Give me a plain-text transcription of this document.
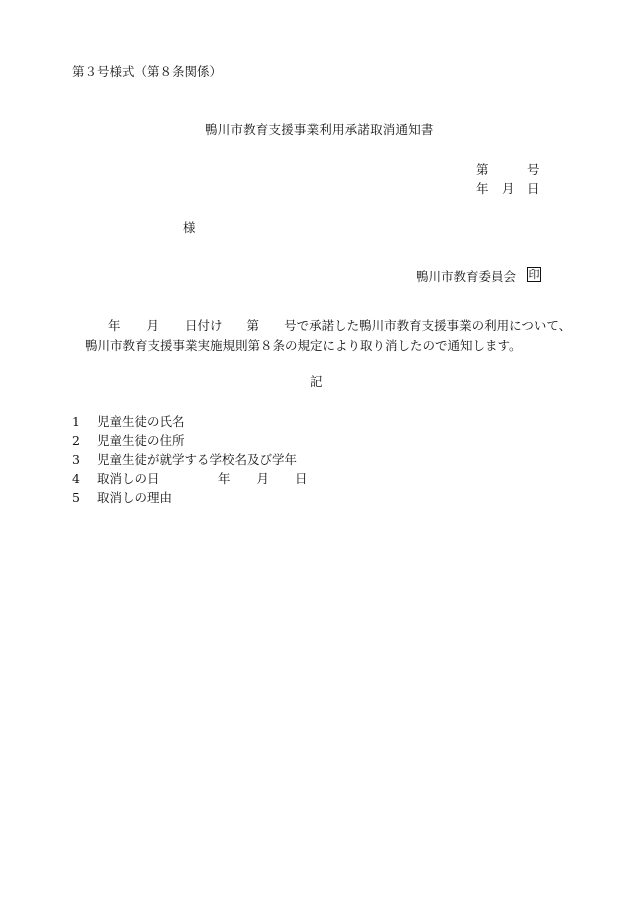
第３号様式（第８条関係）
鴨川市教育支援事業利用承諾取消通知書
第	号
年 月 日
様
鴨川市教育委員会 印
年 月 日付け 第 号で承諾した鴨川市教育支援事業の利用について、
鴨川市教育支援事業実施規則第８条の規定により取り消したので通知します。
記
1 児童生徒の氏名
2 児童生徒の住所
3 児童生徒が就学する学校名及び学年
4 取消しの日	年 月 日
5 取消しの理由
